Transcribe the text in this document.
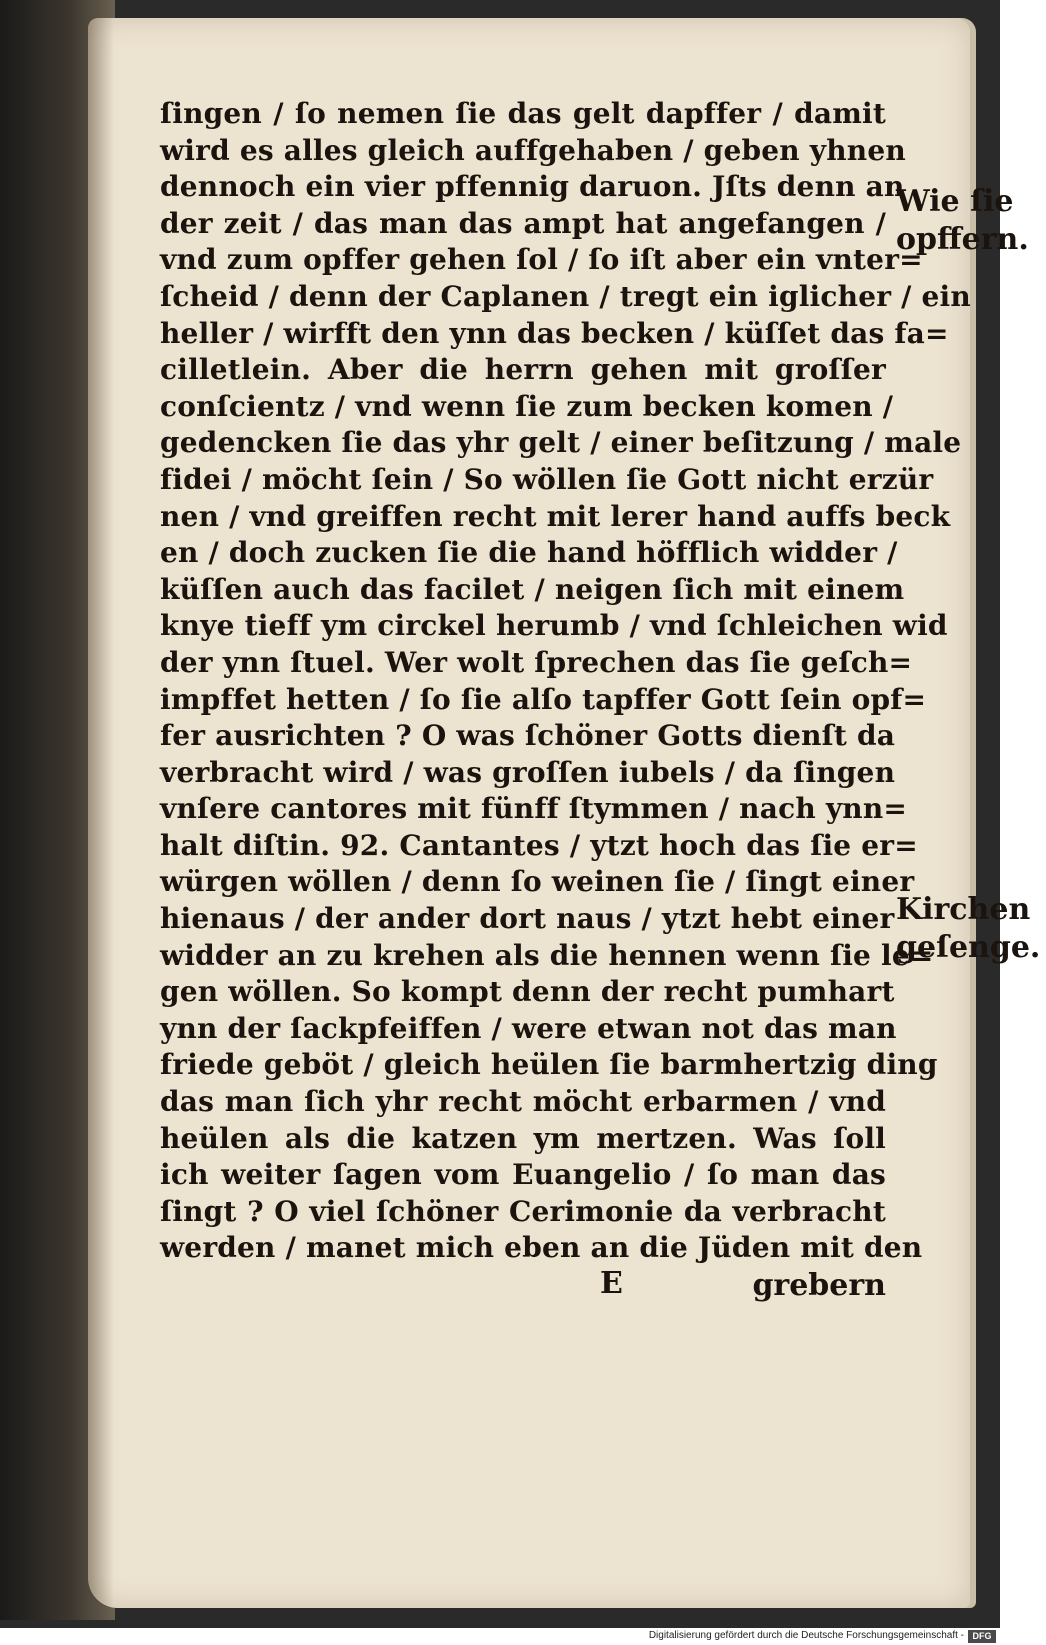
ſingen / ſo nemen ſie das gelt dapffer / damit
wird es alles gleich auffgehaben / geben yhnen
dennoch ein vier pffennig daruon. Jſts denn an
der zeit / das man das ampt hat angefangen /
vnd zum opffer gehen ſol / ſo iſt aber ein vnter=
ſcheid / denn der Caplanen / tregt ein iglicher / ein
heller / wirfft den ynn das becken / küſſet das fa=
cilletlein. Aber die herrn gehen mit groſſer
conſcientz / vnd wenn ſie zum becken komen /
gedencken ſie das yhr gelt / einer beſitzung / male
fidei / möcht ſein / So wöllen ſie Gott nicht erzür
nen / vnd greiffen recht mit lerer hand auffs beck
en / doch zucken ſie die hand höfflich widder /
küſſen auch das facilet / neigen ſich mit einem
knye tieff ym circkel herumb / vnd ſchleichen wid
der ynn ſtuel. Wer wolt ſprechen das ſie geſch=
impffet hetten / ſo ſie alſo tapffer Gott ſein opf=
fer ausrichten ? O was ſchöner Gotts dienſt da
verbracht wird / was groſſen iubels / da ſingen
vnſere cantores mit fünff ſtymmen / nach ynn=
halt diſtin. 92. Cantantes / ytzt hoch das ſie er=
würgen wöllen / denn ſo weinen ſie / ſingt einer
hienaus / der ander dort naus / ytzt hebt einer
widder an zu krehen als die hennen wenn ſie le=
gen wöllen. So kompt denn der recht pumhart
ynn der ſackpfeiffen / were etwan not das man
friede geböt / gleich heülen ſie barmhertzig ding
das man ſich yhr recht möcht erbarmen / vnd
heülen als die katzen ym mertzen. Was ſoll
ich weiter ſagen vom Euangelio / ſo man das
ſingt ? O viel ſchöner Cerimonie da verbracht
werden / manet mich eben an die Jüden mit den
Wie ſie
opffern.
Kirchen
geſenge.
E	grebern
Digitalisierung gefördert durch die Deutsche Forschungsgemeinschaft - DFG
